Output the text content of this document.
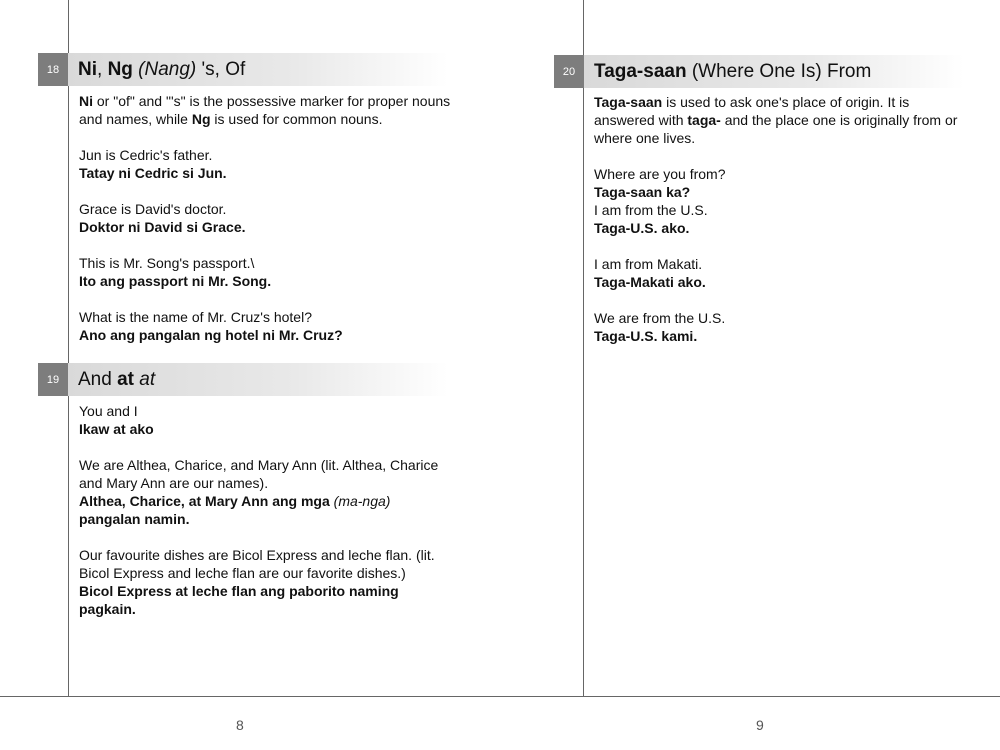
18 Ni, Ng (Nang) 's, Of

Ni or "of" and "'s" is the possessive marker for proper nouns and names, while Ng is used for common nouns.

Jun is Cedric's father.
Tatay ni Cedric si Jun.

Grace is David's doctor.
Doktor ni David si Grace.

This is Mr. Song's passport.\
Ito ang passport ni Mr. Song.

What is the name of Mr. Cruz's hotel?
Ano ang pangalan ng hotel ni Mr. Cruz?

19 And at at

You and I
Ikaw at ako

We are Althea, Charice, and Mary Ann (lit. Althea, Charice and Mary Ann are our names).
Althea, Charice, at Mary Ann ang mga (ma-nga)
pangalan namin.

Our favourite dishes are Bicol Express and leche flan. (lit. Bicol Express and leche flan are our favorite dishes.)
Bicol Express at leche flan ang paborito naming pagkain.

20 Taga-saan (Where One Is) From

Taga-saan is used to ask one's place of origin. It is answered with taga- and the place one is originally from or where one lives.

Where are you from?
Taga-saan ka?
I am from the U.S.
Taga-U.S. ako.

I am from Makati.
Taga-Makati ako.

We are from the U.S.
Taga-U.S. kami.

8	9
